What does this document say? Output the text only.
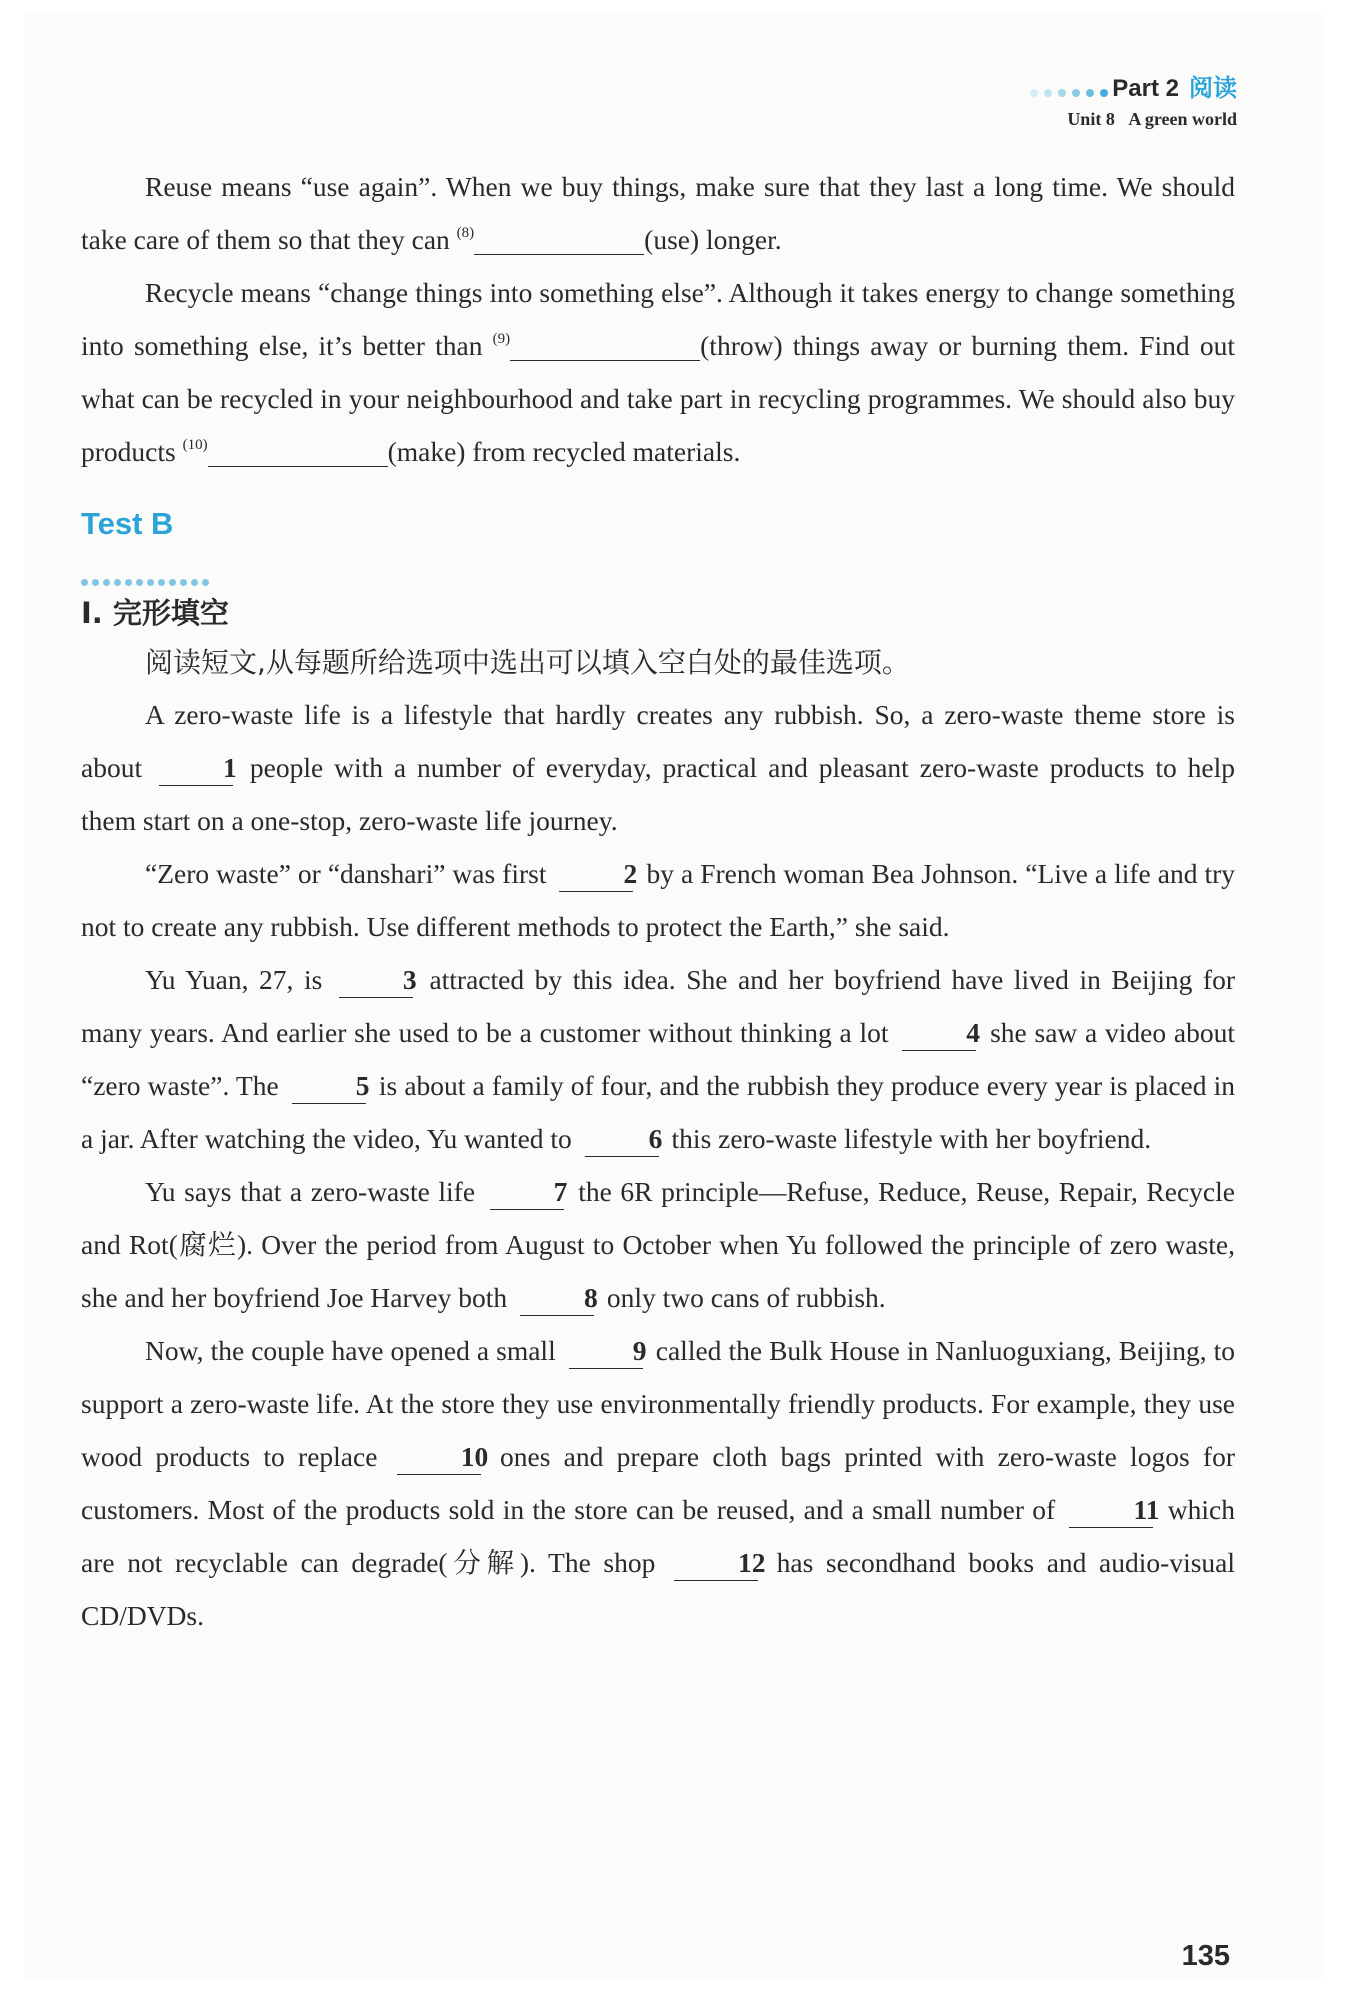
Part 2 阅读
Unit 8 A green world

Reuse means “use again”. When we buy things, make sure that they last a long time. We should take care of them so that they can $^{(8)}$	(use) longer.

Recycle means “change things into something else”. Although it takes energy to change something into something else, it’s better than $^{(9)}$	(throw) things away or burning them. Find out what can be recycled in your neighbourhood and take part in recycling programmes. We should also buy products $^{(10)}$	(make) from recycled materials.

Test B
Ⅰ. 完形填空

阅读短文,从每题所给选项中选出可以填入空白处的最佳选项。

A zero-waste life is a lifestyle that hardly creates any rubbish. So, a zero-waste theme store is about	1 people with a number of everyday, practical and pleasant zero-waste products to help them start on a one-stop, zero-waste life journey.

“Zero waste” or “danshari” was first	2 by a French woman Bea Johnson. “Live a life and try not to create any rubbish. Use different methods to protect the Earth,” she said.

Yu Yuan, 27, is	3 attracted by this idea. She and her boyfriend have lived in Beijing for many years. And earlier she used to be a customer without thinking a lot	4 she saw a video about “zero waste”. The	5 is about a family of four, and the rubbish they produce every year is placed in a jar. After watching the video, Yu wanted to	6 this zero-waste lifestyle with her boyfriend.

Yu says that a zero-waste life	7 the 6R principle—Refuse, Reduce, Reuse, Repair, Recycle and Rot(腐烂). Over the period from August to October when Yu followed the principle of zero waste, she and her boyfriend Joe Harvey both	8 only two cans of rubbish.

Now, the couple have opened a small	9 called the Bulk House in Nanluoguxiang, Beijing, to support a zero-waste life. At the store they use environmentally friendly products. For example, they use wood products to replace	10 ones and prepare cloth bags printed with zero-waste logos for customers. Most of the products sold in the store can be reused, and a small number of	11 which are not recyclable can degrade(分解). The shop	12 has secondhand books and audio-visual CD/DVDs.

135
